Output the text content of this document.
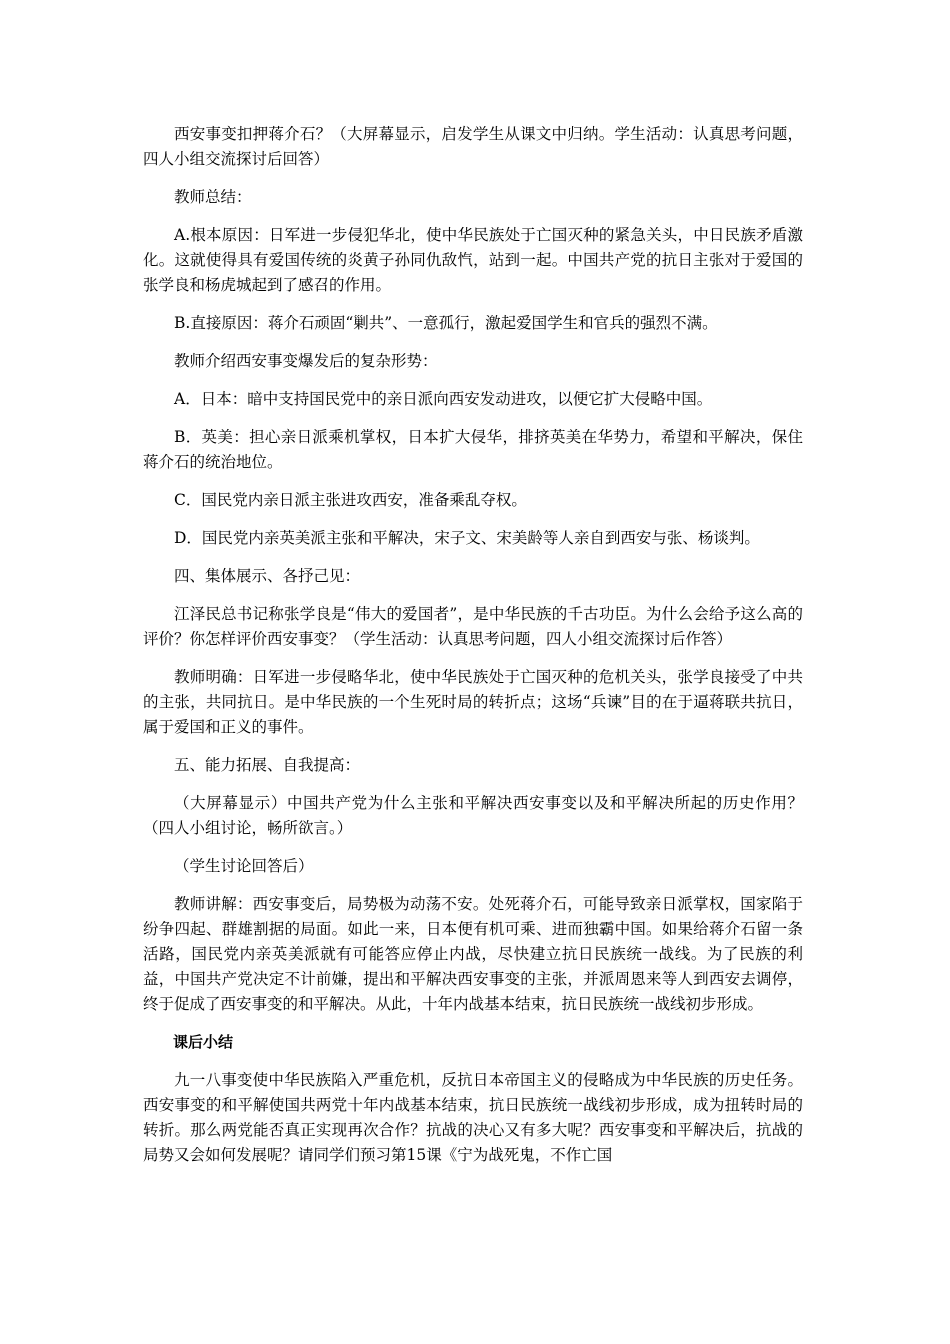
西安事变扣押蒋介石？（大屏幕显示，启发学生从课文中归纳。学生活动：认真思考问题，四人小组交流探讨后回答）

教师总结：

A.根本原因：日军进一步侵犯华北，使中华民族处于亡国灭种的紧急关头，中日民族矛盾激化。这就使得具有爱国传统的炎黄子孙同仇敌忾，站到一起。中国共产党的抗日主张对于爱国的张学良和杨虎城起到了感召的作用。

B.直接原因：蒋介石顽固“剿共”、一意孤行，激起爱国学生和官兵的强烈不满。

教师介绍西安事变爆发后的复杂形势：

A．日本：暗中支持国民党中的亲日派向西安发动进攻，以便它扩大侵略中国。

B．英美：担心亲日派乘机掌权，日本扩大侵华，排挤英美在华势力，希望和平解决，保住蒋介石的统治地位。

C．国民党内亲日派主张进攻西安，准备乘乱夺权。

D．国民党内亲英美派主张和平解决，宋子文、宋美龄等人亲自到西安与张、杨谈判。

四、集体展示、各抒己见：

江泽民总书记称张学良是“伟大的爱国者”，是中华民族的千古功臣。为什么会给予这么高的评价？你怎样评价西安事变？（学生活动：认真思考问题，四人小组交流探讨后作答）

教师明确：日军进一步侵略华北，使中华民族处于亡国灭种的危机关头，张学良接受了中共的主张，共同抗日。是中华民族的一个生死时局的转折点；这场“兵谏”目的在于逼蒋联共抗日，属于爱国和正义的事件。

五、能力拓展、自我提高：

（大屏幕显示）中国共产党为什么主张和平解决西安事变以及和平解决所起的历史作用？（四人小组讨论，畅所欲言。）

（学生讨论回答后）

教师讲解：西安事变后，局势极为动荡不安。处死蒋介石，可能导致亲日派掌权，国家陷于纷争四起、群雄割据的局面。如此一来，日本便有机可乘、进而独霸中国。如果给蒋介石留一条活路，国民党内亲英美派就有可能答应停止内战，尽快建立抗日民族统一战线。为了民族的利益，中国共产党决定不计前嫌，提出和平解决西安事变的主张，并派周恩来等人到西安去调停，终于促成了西安事变的和平解决。从此，十年内战基本结束，抗日民族统一战线初步形成。

课后小结

九一八事变使中华民族陷入严重危机，反抗日本帝国主义的侵略成为中华民族的历史任务。西安事变的和平解使国共两党十年内战基本结束，抗日民族统一战线初步形成，成为扭转时局的转折。那么两党能否真正实现再次合作？抗战的决心又有多大呢？西安事变和平解决后，抗战的局势又会如何发展呢？请同学们预习第15课《宁为战死鬼，不作亡国
